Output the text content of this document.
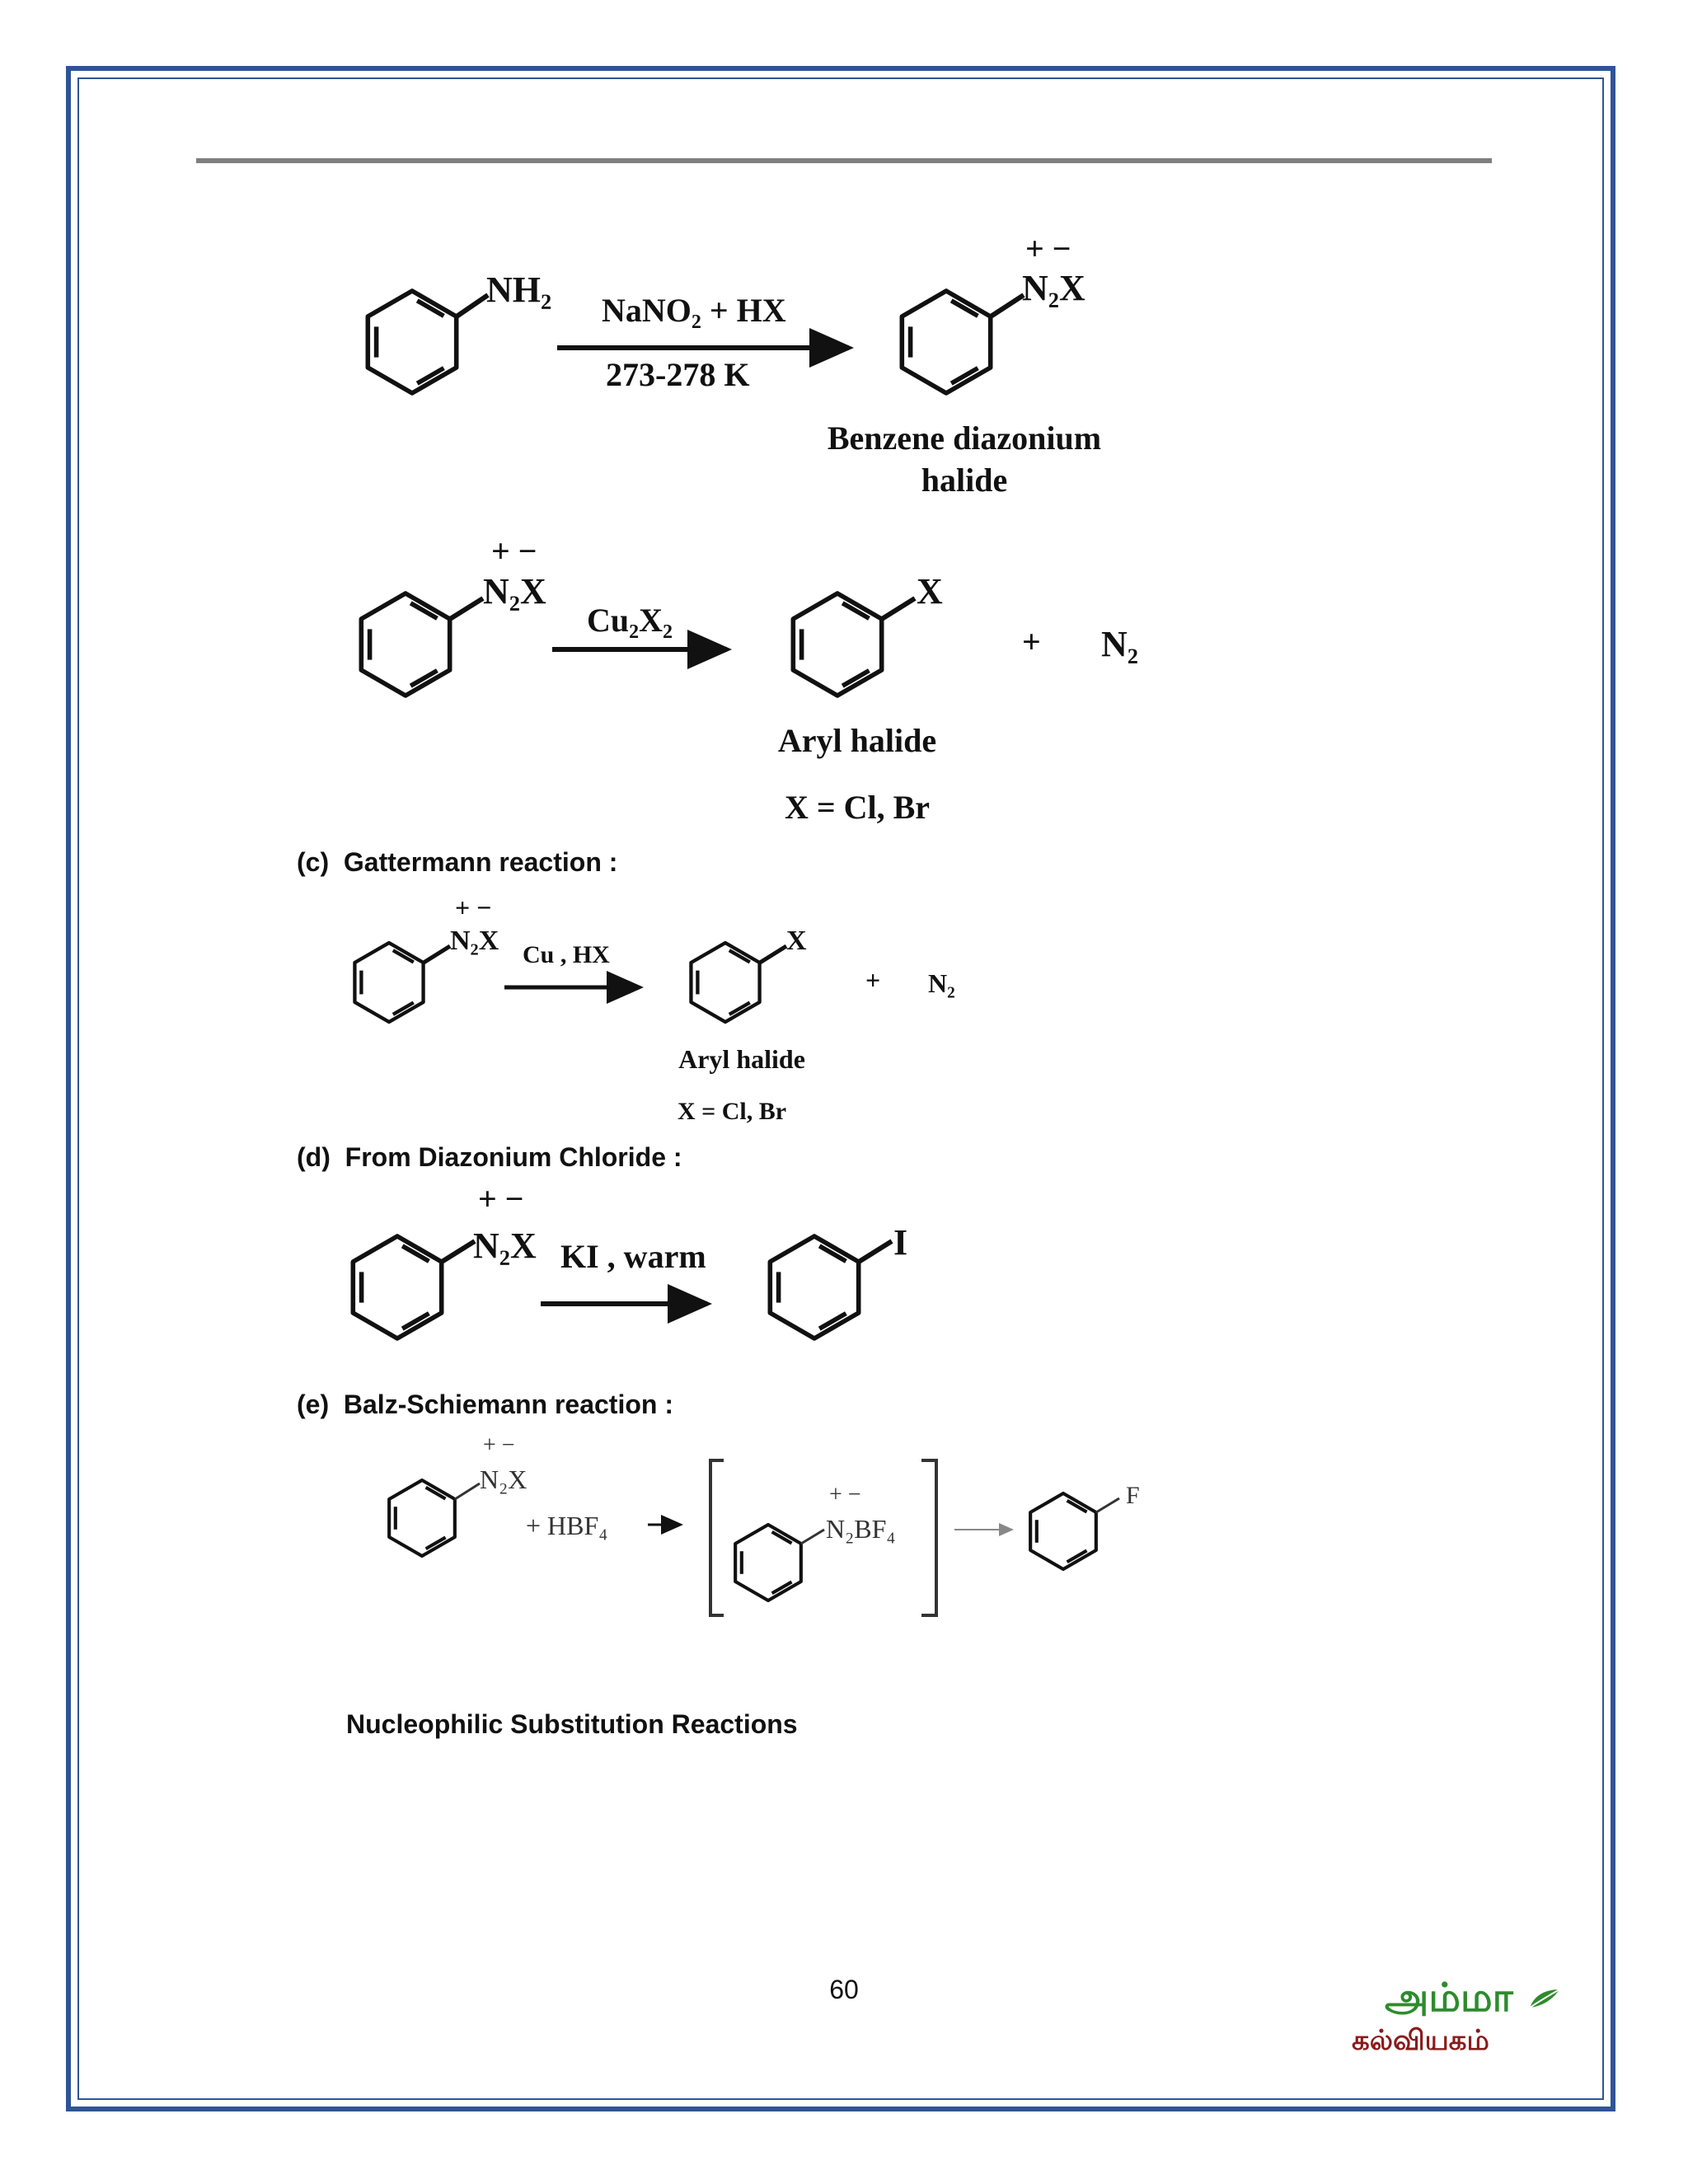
NH₂
NaNO₂ + HX
273-278 K
+ −
N₂X
Benzene diazonium
halide
+ −
N₂X
Cu₂X₂
X
+ N₂
Aryl halide
X = Cl, Br
+ −
N₂X Cu , HX	X
+ N₂
Aryl halide
X = Cl, Br
+ −
N₂X KI , warm	I
+ −
N₂X
+ HBF₄
+ −
N₂BF₄
F
(c)  Gattermann reaction :
(d)  From Diazonium Chloride :
(e)  Balz-Schiemann reaction :
Nucleophilic Substitution Reactions
60	அம்மா
கல்வியகம்
